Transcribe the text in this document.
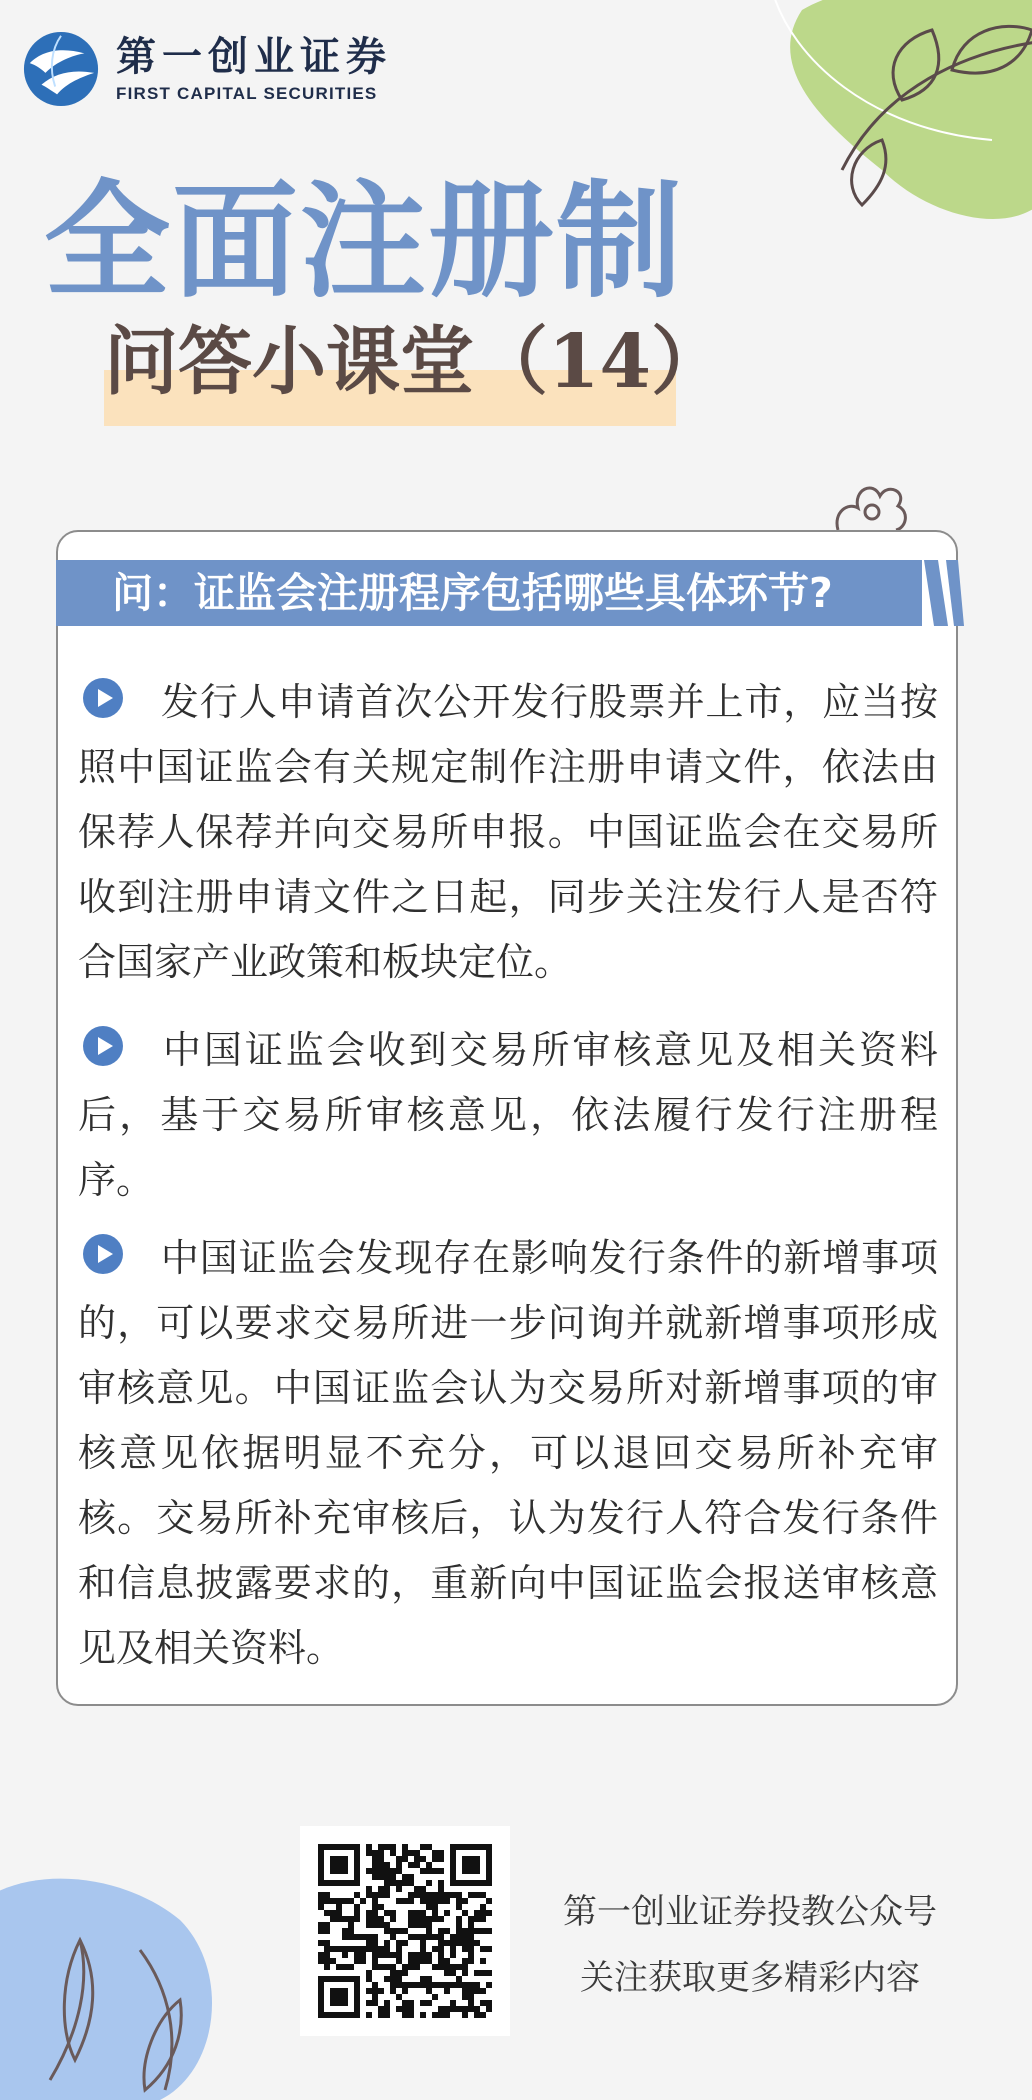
第一创业证券
FIRST CAPITAL SECURITIES
全面注册制
问答小课堂（14）
问：证监会注册程序包括哪些具体环节?

发行人申请首次公开发行股票并上市，应当按照中国证监会有关规定制作注册申请文件，依法由保荐人保荐并向交易所申报。中国证监会在交易所收到注册申请文件之日起，同步关注发行人是否符合国家产业政策和板块定位。

中国证监会收到交易所审核意见及相关资料后，基于交易所审核意见，依法履行发行注册程序。

中国证监会发现存在影响发行条件的新增事项的，可以要求交易所进一步问询并就新增事项形成审核意见。中国证监会认为交易所对新增事项的审核意见依据明显不充分，可以退回交易所补充审核。交易所补充审核后，认为发行人符合发行条件和信息披露要求的，重新向中国证监会报送审核意见及相关资料。

第一创业证券投教公众号
关注获取更多精彩内容
